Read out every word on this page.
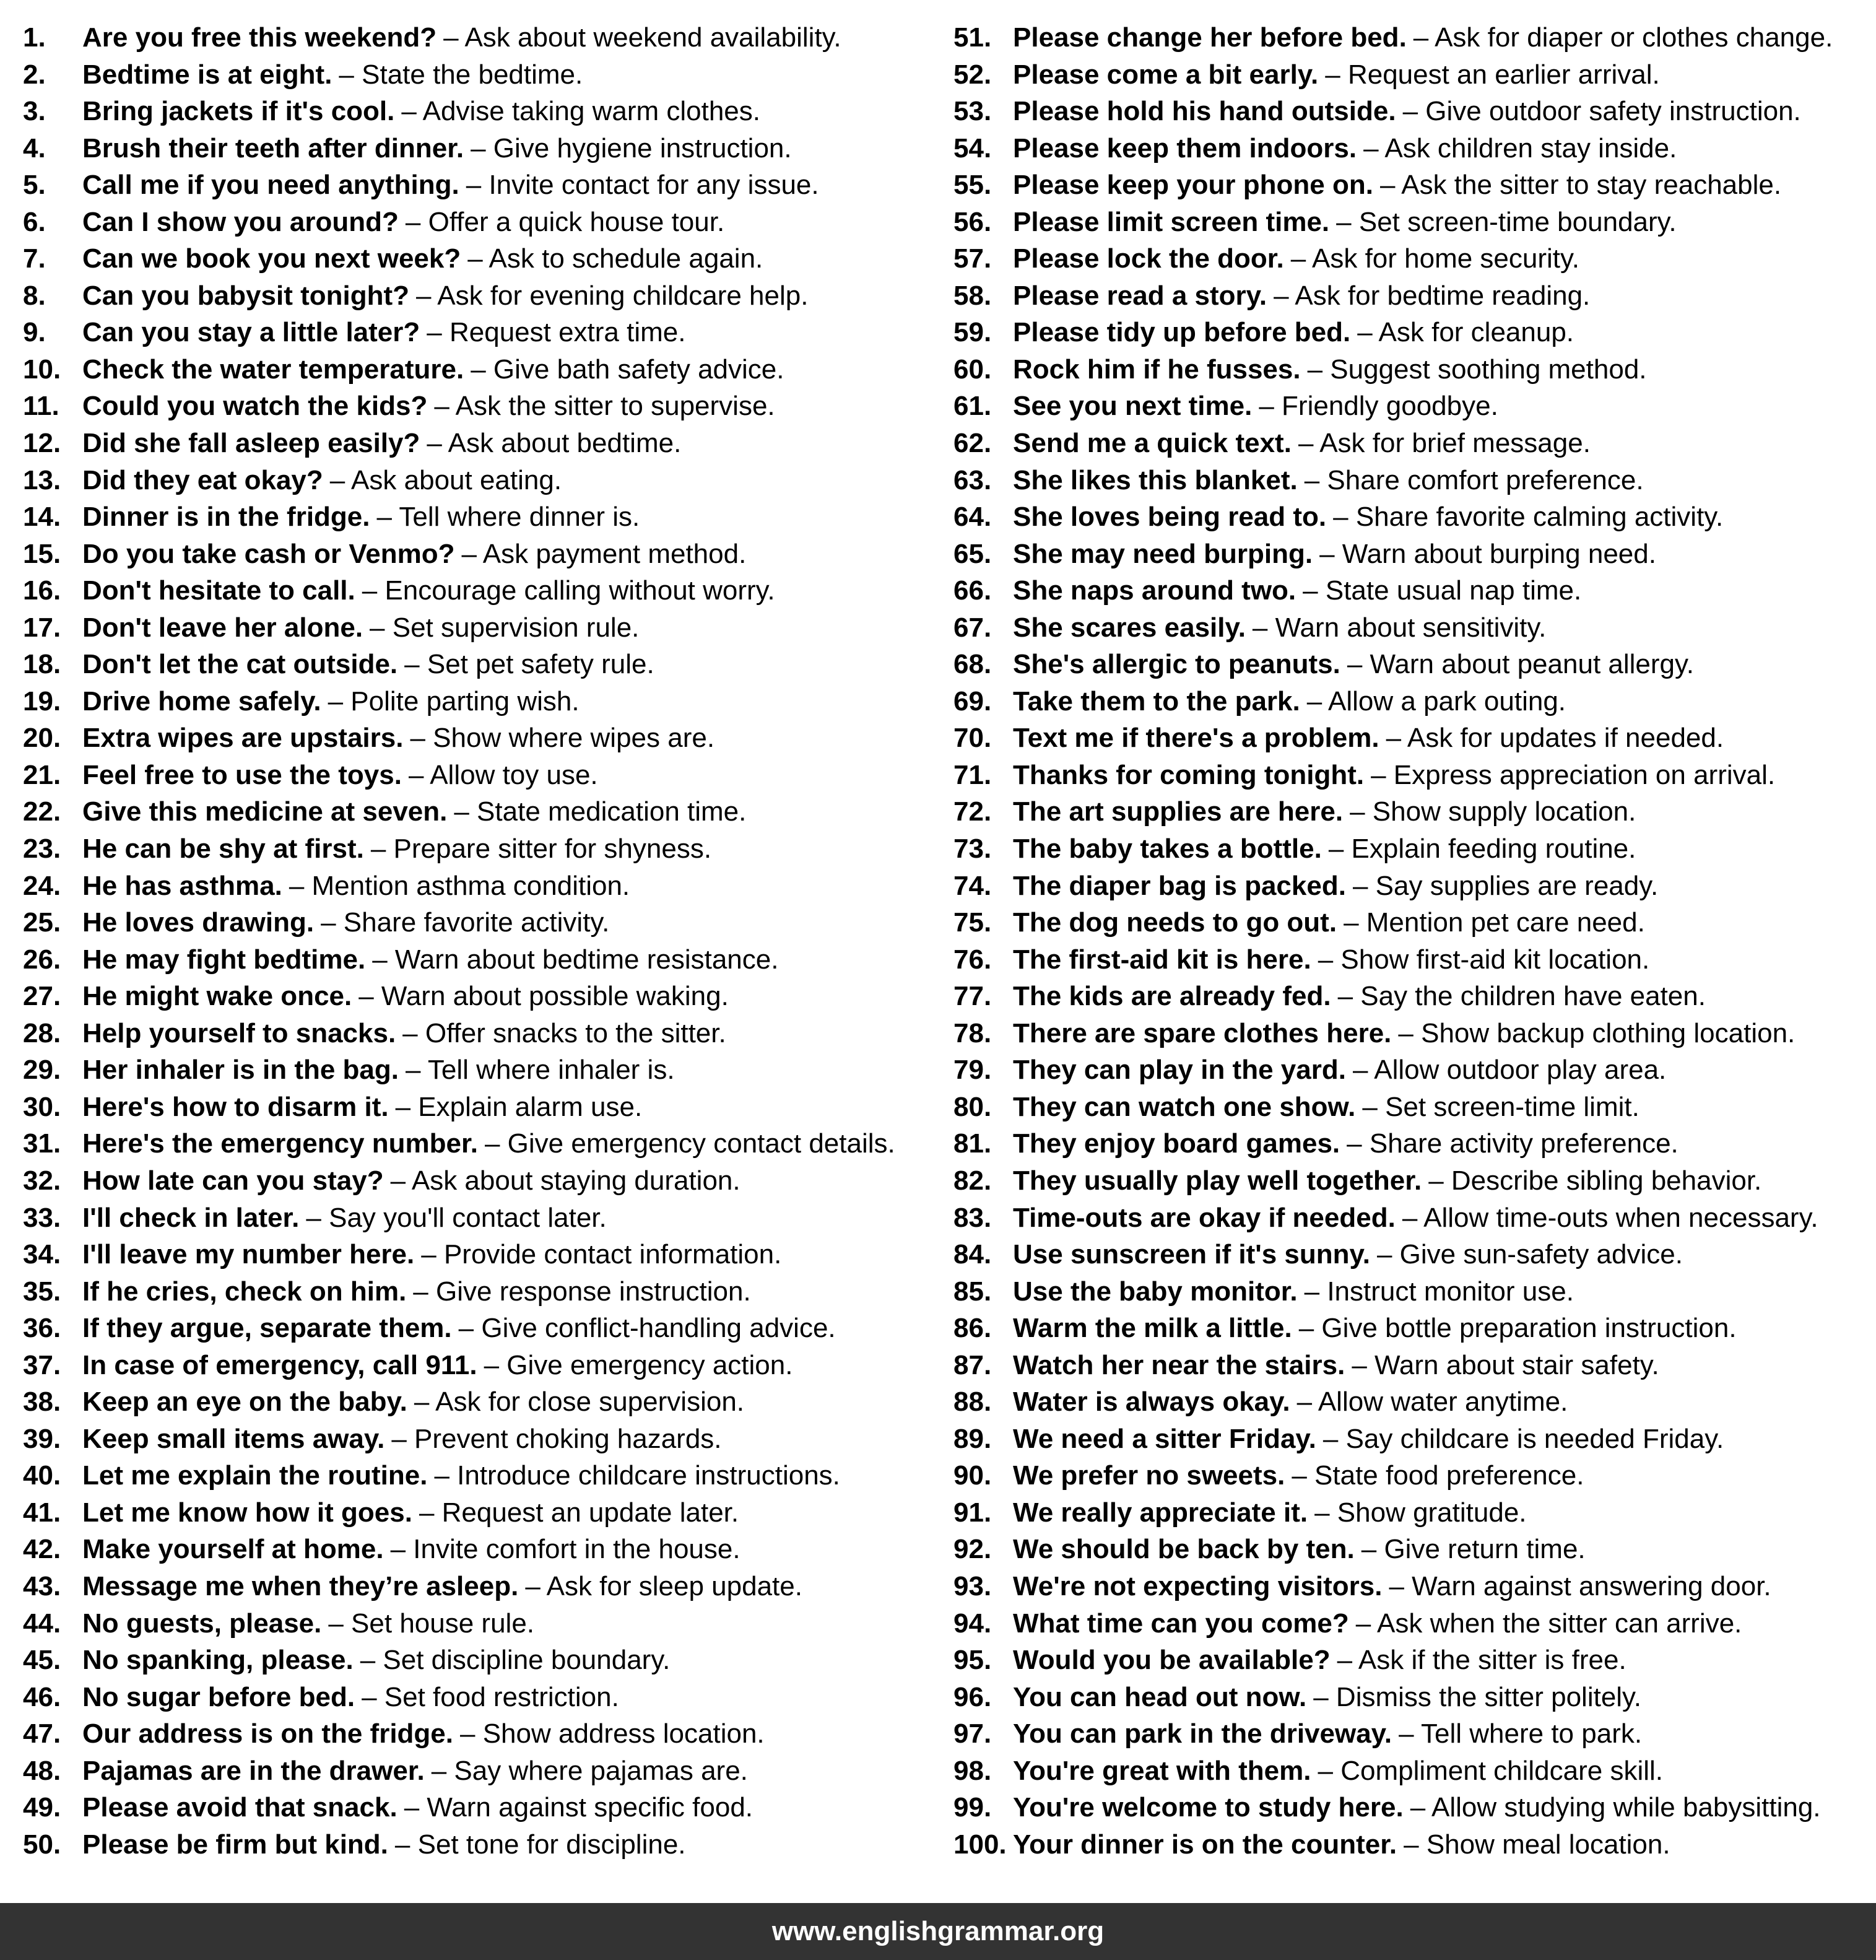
1. Are you free this weekend? – Ask about weekend availability.
2. Bedtime is at eight. – State the bedtime.
3. Bring jackets if it's cool. – Advise taking warm clothes.
4. Brush their teeth after dinner. – Give hygiene instruction.
5. Call me if you need anything. – Invite contact for any issue.
6. Can I show you around? – Offer a quick house tour.
7. Can we book you next week? – Ask to schedule again.
8. Can you babysit tonight? – Ask for evening childcare help.
9. Can you stay a little later? – Request extra time.
10. Check the water temperature. – Give bath safety advice.
11. Could you watch the kids? – Ask the sitter to supervise.
12. Did she fall asleep easily? – Ask about bedtime.
13. Did they eat okay? – Ask about eating.
14. Dinner is in the fridge. – Tell where dinner is.
15. Do you take cash or Venmo? – Ask payment method.
16. Don't hesitate to call. – Encourage calling without worry.
17. Don't leave her alone. – Set supervision rule.
18. Don't let the cat outside. – Set pet safety rule.
19. Drive home safely. – Polite parting wish.
20. Extra wipes are upstairs. – Show where wipes are.
21. Feel free to use the toys. – Allow toy use.
22. Give this medicine at seven. – State medication time.
23. He can be shy at first. – Prepare sitter for shyness.
24. He has asthma. – Mention asthma condition.
25. He loves drawing. – Share favorite activity.
26. He may fight bedtime. – Warn about bedtime resistance.
27. He might wake once. – Warn about possible waking.
28. Help yourself to snacks. – Offer snacks to the sitter.
29. Her inhaler is in the bag. – Tell where inhaler is.
30. Here's how to disarm it. – Explain alarm use.
31. Here's the emergency number. – Give emergency contact details.
32. How late can you stay? – Ask about staying duration.
33. I'll check in later. – Say you'll contact later.
34. I'll leave my number here. – Provide contact information.
35. If he cries, check on him. – Give response instruction.
36. If they argue, separate them. – Give conflict-handling advice.
37. In case of emergency, call 911. – Give emergency action.
38. Keep an eye on the baby. – Ask for close supervision.
39. Keep small items away. – Prevent choking hazards.
40. Let me explain the routine. – Introduce childcare instructions.
41. Let me know how it goes. – Request an update later.
42. Make yourself at home. – Invite comfort in the house.
43. Message me when they’re asleep. – Ask for sleep update.
44. No guests, please. – Set house rule.
45. No spanking, please. – Set discipline boundary.
46. No sugar before bed. – Set food restriction.
47. Our address is on the fridge. – Show address location.
48. Pajamas are in the drawer. – Say where pajamas are.
49. Please avoid that snack. – Warn against specific food.
50. Please be firm but kind. – Set tone for discipline.
51. Please change her before bed. – Ask for diaper or clothes change.
52. Please come a bit early. – Request an earlier arrival.
53. Please hold his hand outside. – Give outdoor safety instruction.
54. Please keep them indoors. – Ask children stay inside.
55. Please keep your phone on. – Ask the sitter to stay reachable.
56. Please limit screen time. – Set screen-time boundary.
57. Please lock the door. – Ask for home security.
58. Please read a story. – Ask for bedtime reading.
59. Please tidy up before bed. – Ask for cleanup.
60. Rock him if he fusses. – Suggest soothing method.
61. See you next time. – Friendly goodbye.
62. Send me a quick text. – Ask for brief message.
63. She likes this blanket. – Share comfort preference.
64. She loves being read to. – Share favorite calming activity.
65. She may need burping. – Warn about burping need.
66. She naps around two. – State usual nap time.
67. She scares easily. – Warn about sensitivity.
68. She's allergic to peanuts. – Warn about peanut allergy.
69. Take them to the park. – Allow a park outing.
70. Text me if there's a problem. – Ask for updates if needed.
71. Thanks for coming tonight. – Express appreciation on arrival.
72. The art supplies are here. – Show supply location.
73. The baby takes a bottle. – Explain feeding routine.
74. The diaper bag is packed. – Say supplies are ready.
75. The dog needs to go out. – Mention pet care need.
76. The first-aid kit is here. – Show first-aid kit location.
77. The kids are already fed. – Say the children have eaten.
78. There are spare clothes here. – Show backup clothing location.
79. They can play in the yard. – Allow outdoor play area.
80. They can watch one show. – Set screen-time limit.
81. They enjoy board games. – Share activity preference.
82. They usually play well together. – Describe sibling behavior.
83. Time-outs are okay if needed. – Allow time-outs when necessary.
84. Use sunscreen if it's sunny. – Give sun-safety advice.
85. Use the baby monitor. – Instruct monitor use.
86. Warm the milk a little. – Give bottle preparation instruction.
87. Watch her near the stairs. – Warn about stair safety.
88. Water is always okay. – Allow water anytime.
89. We need a sitter Friday. – Say childcare is needed Friday.
90. We prefer no sweets. – State food preference.
91. We really appreciate it. – Show gratitude.
92. We should be back by ten. – Give return time.
93. We're not expecting visitors. – Warn against answering door.
94. What time can you come? – Ask when the sitter can arrive.
95. Would you be available? – Ask if the sitter is free.
96. You can head out now. – Dismiss the sitter politely.
97. You can park in the driveway. – Tell where to park.
98. You're great with them. – Compliment childcare skill.
99. You're welcome to study here. – Allow studying while babysitting.
100. Your dinner is on the counter. – Show meal location.
www.englishgrammar.org
